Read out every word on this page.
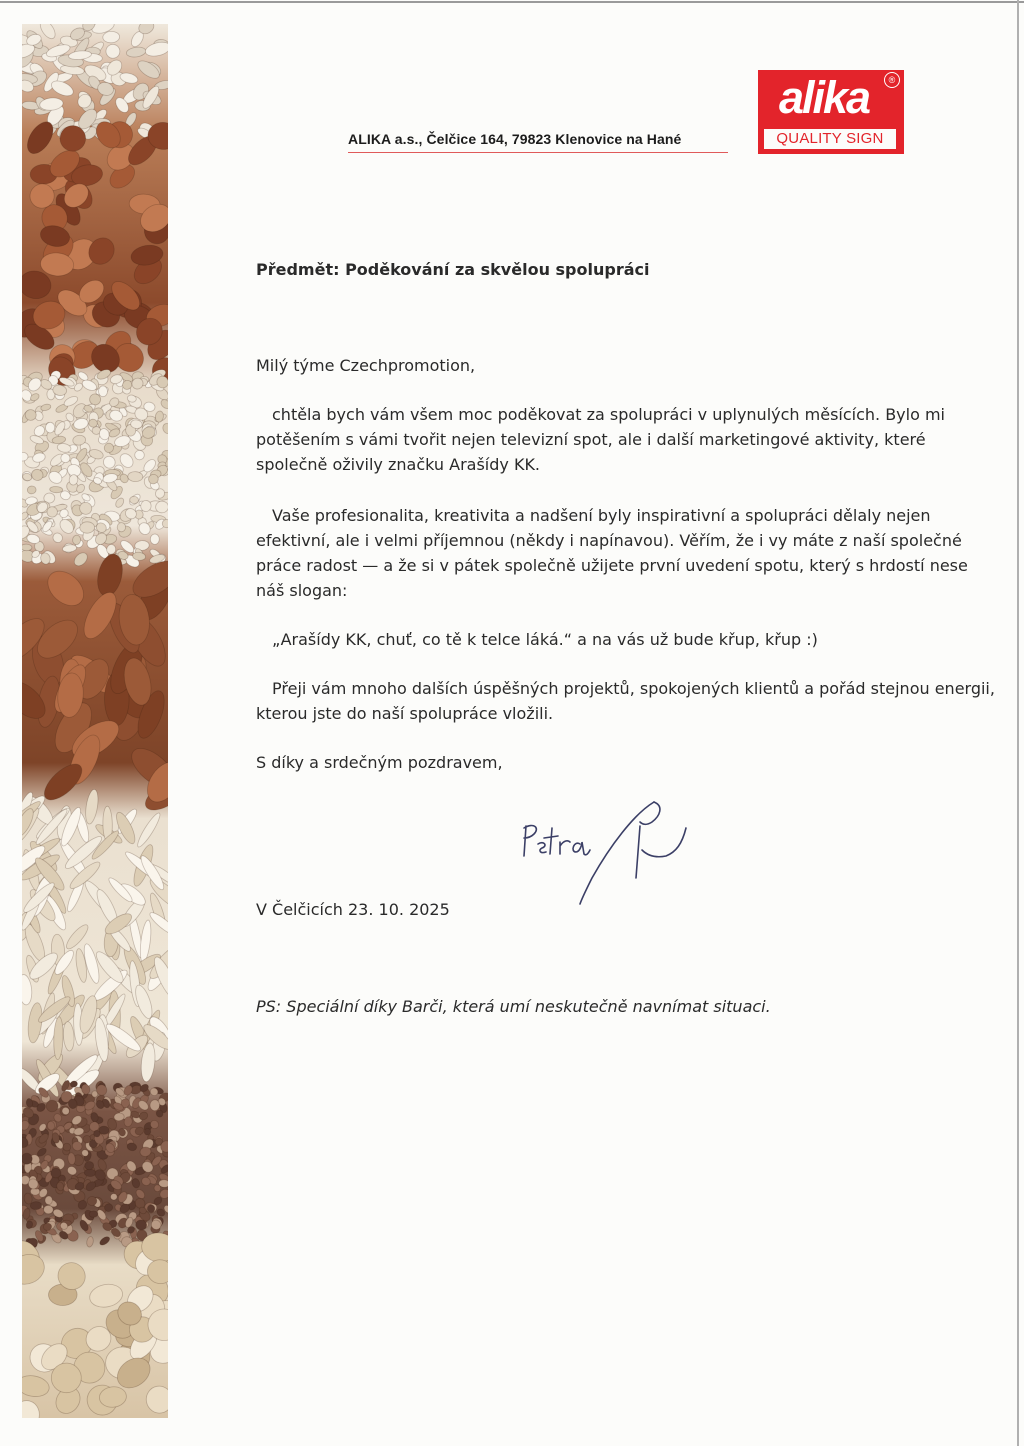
ALIKA a.s., Čelčice 164, 79823 Klenovice na Hané
alika	®
QUALITY SIGN
Předmět: Poděkování za skvělou spolupráci
Milý týme Czechpromotion,
chtěla bych vám všem moc poděkovat za spolupráci v uplynulých měsících. Bylo mi potěšením s vámi tvořit nejen televizní spot, ale i další marketingové aktivity, které společně oživily značku Arašídy KK.
Vaše profesionalita, kreativita a nadšení byly inspirativní a spolupráci dělaly nejen efektivní, ale i velmi příjemnou (někdy i napínavou). Věřím, že i vy máte z naší společné práce radost — a že si v pátek společně užijete první uvedení spotu, který s hrdostí nese náš slogan:
„Arašídy KK, chuť, co tě k telce láká.“ a na vás už bude křup, křup :)
Přeji vám mnoho dalších úspěšných projektů, spokojených klientů a pořád stejnou energii, kterou jste do naší spolupráce vložili.
S díky a srdečným pozdravem,
V Čelčicích 23. 10. 2025
PS: Speciální díky Barči, která umí neskutečně navnímat situaci.
